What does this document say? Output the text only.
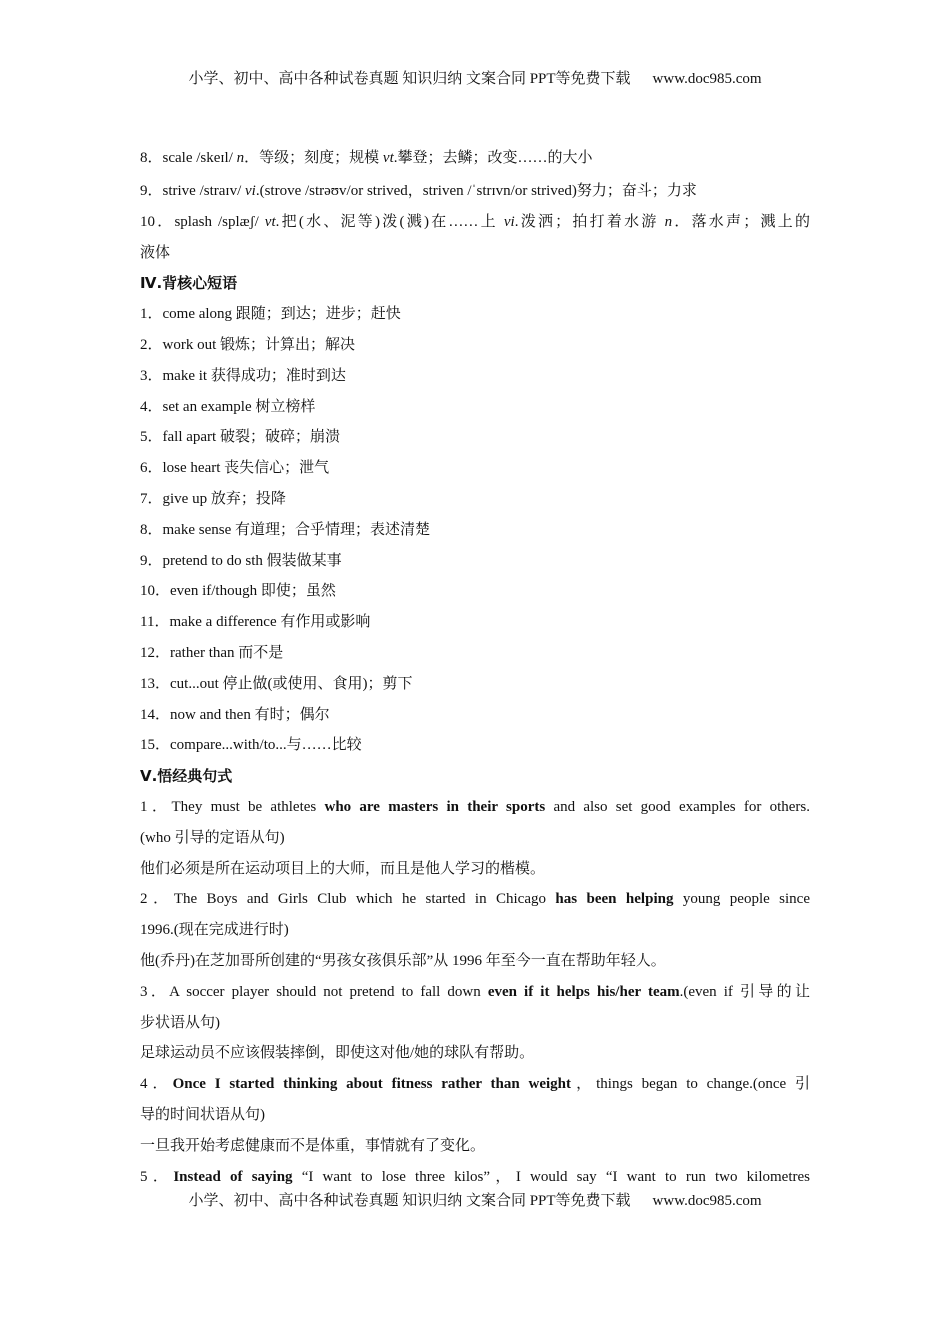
小学、初中、高中各种试卷真题 知识归纳 文案合同 PPT等免费下载 www.doc985.com
8．scale /skeɪl/ n．等级；刻度；规模 vt.攀登；去鳞；改变……的大小
9．strive /straɪv/ vi.(strove /strəʊv/or strived，striven /ˈstrɪvn/or strived)努力；奋斗；力求
10．splash /splæʃ/ vt.把(水、泥等)泼(溅)在……上 vi.泼洒；拍打着水游 n．落水声；溅上的
液体
Ⅳ.背核心短语
1．come along 跟随；到达；进步；赶快
2．work out 锻炼；计算出；解决
3．make it 获得成功；准时到达
4．set an example 树立榜样
5．fall apart 破裂；破碎；崩溃
6．lose heart 丧失信心；泄气
7．give up 放弃；投降
8．make sense 有道理；合乎情理；表述清楚
9．pretend to do sth 假装做某事
10．even if/though 即使；虽然
11．make a difference 有作用或影响
12．rather than 而不是
13．cut...out 停止做(或使用、食用)；剪下
14．now and then 有时；偶尔
15．compare...with/to...与……比较
Ⅴ.悟经典句式
1．They must be athletes who are masters in their sports and also set good examples for others.
(who 引导的定语从句)
他们必须是所在运动项目上的大师，而且是他人学习的楷模。
2．The Boys and Girls Club which he started in Chicago has been helping young people since
1996.(现在完成进行时)
他(乔丹)在芝加哥所创建的“男孩女孩俱乐部”从 1996 年至今一直在帮助年轻人。
3．A soccer player should not pretend to fall down even if it helps his/her team.(even if 引导的让
步状语从句)
足球运动员不应该假装摔倒，即使这对他/她的球队有帮助。
4．Once I started thinking about fitness rather than weight，things began to change.(once 引
导的时间状语从句)
一旦我开始考虑健康而不是体重，事情就有了变化。
5．Instead of saying “I want to lose three kilos”，I would say “I want to run two kilometres
小学、初中、高中各种试卷真题 知识归纳 文案合同 PPT等免费下载 www.doc985.com
